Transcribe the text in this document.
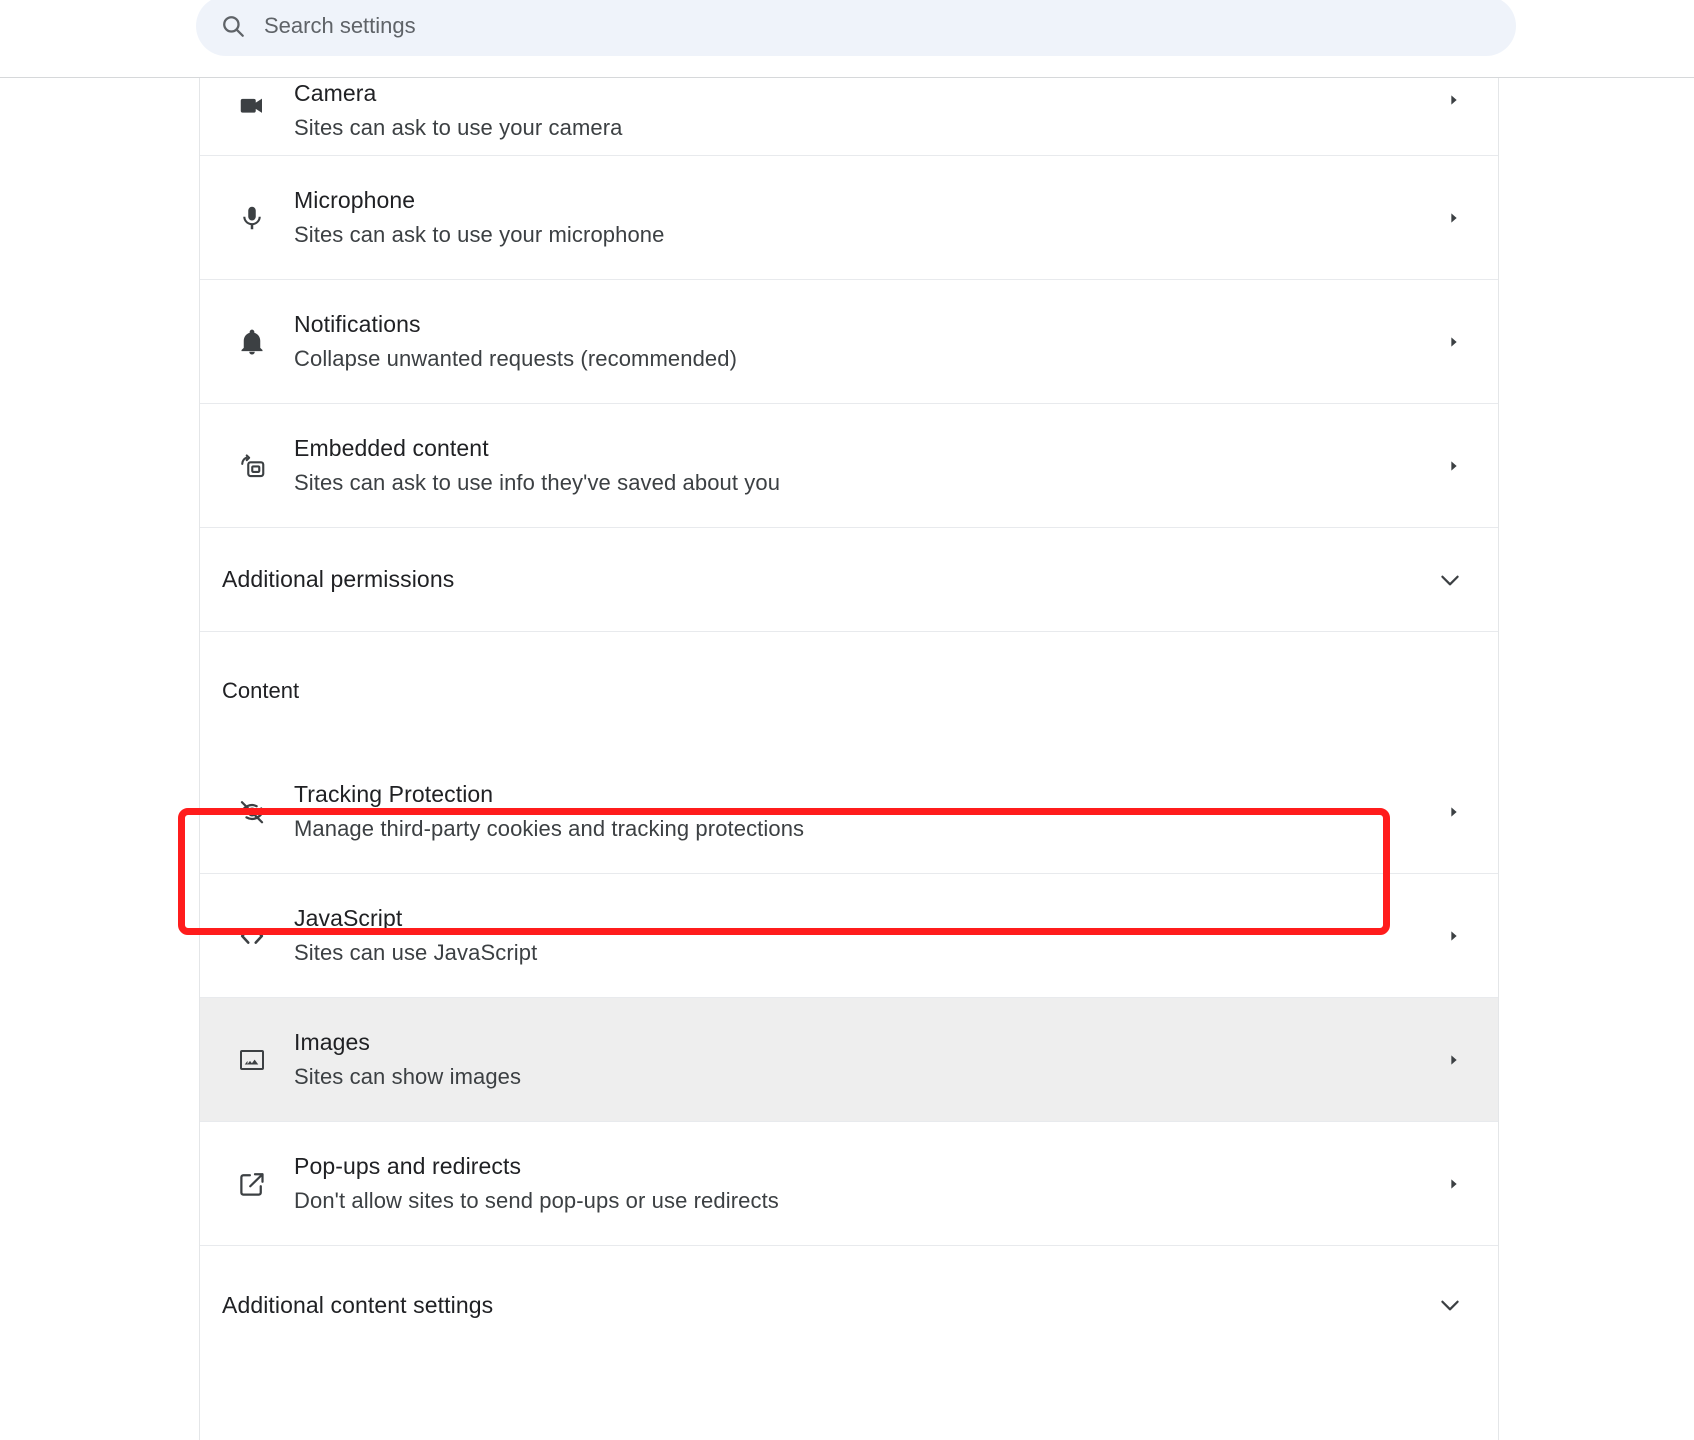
Search settings
Camera
Sites can ask to use your camera
Microphone
Sites can ask to use your microphone
Notifications
Collapse unwanted requests (recommended)
Embedded content
Sites can ask to use info they've saved about you
Additional permissions
Content
Tracking Protection
Manage third-party cookies and tracking protections
JavaScript
Sites can use JavaScript
Images
Sites can show images
Pop-ups and redirects
Don't allow sites to send pop-ups or use redirects
Additional content settings
